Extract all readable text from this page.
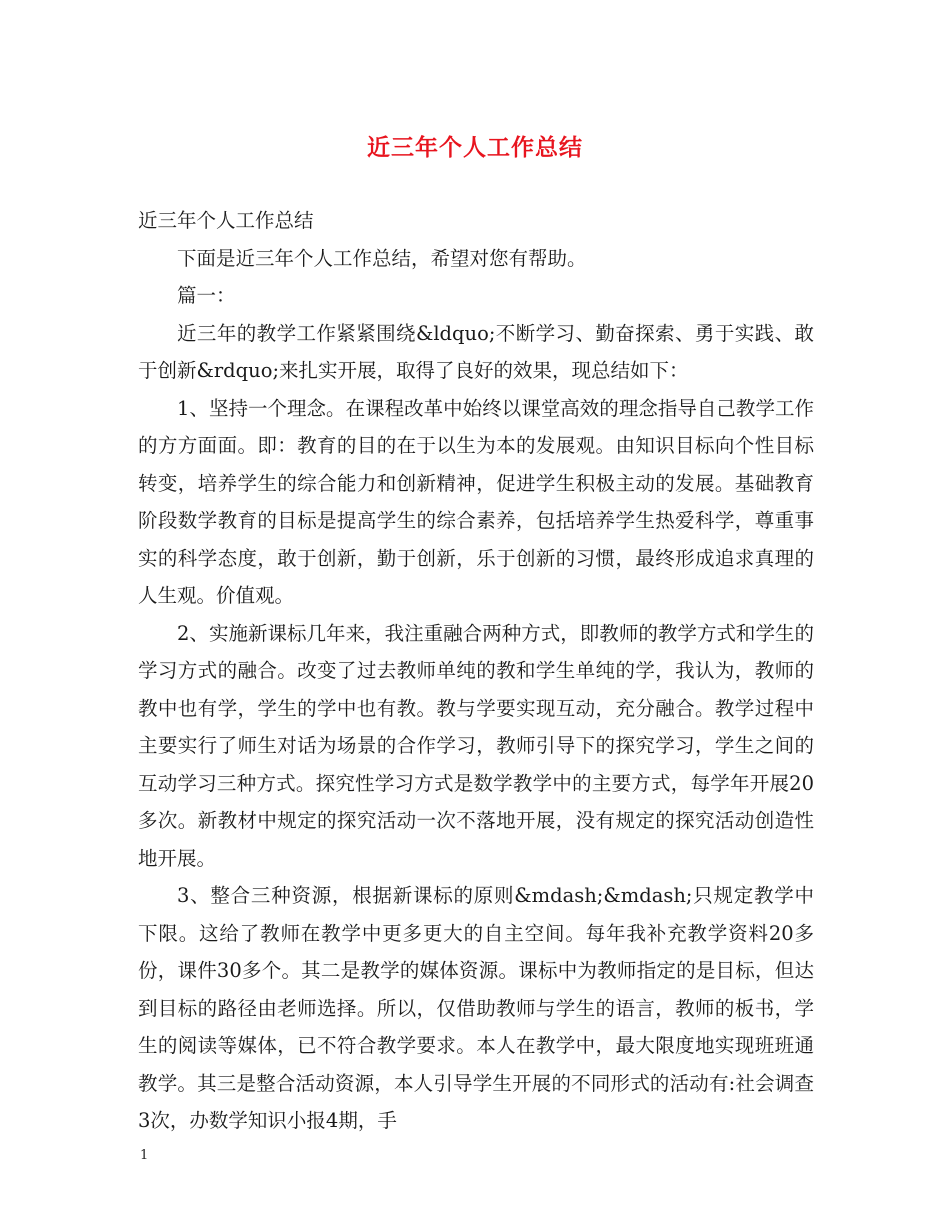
近三年个人工作总结

近三年个人工作总结

下面是近三年个人工作总结，希望对您有帮助。

篇一：

近三年的教学工作紧紧围绕&ldquo;不断学习、勤奋探索、勇于实践、敢于创新&rdquo;来扎实开展，取得了良好的效果，现总结如下：

1、坚持一个理念。在课程改革中始终以课堂高效的理念指导自己教学工作的方方面面。即：教育的目的在于以生为本的发展观。由知识目标向个性目标转变，培养学生的综合能力和创新精神，促进学生积极主动的发展。基础教育阶段数学教育的目标是提高学生的综合素养，包括培养学生热爱科学，尊重事实的科学态度，敢于创新，勤于创新，乐于创新的习惯，最终形成追求真理的人生观。价值观。

2、实施新课标几年来，我注重融合两种方式，即教师的教学方式和学生的学习方式的融合。改变了过去教师单纯的教和学生单纯的学，我认为，教师的教中也有学，学生的学中也有教。教与学要实现互动，充分融合。教学过程中主要实行了师生对话为场景的合作学习，教师引导下的探究学习，学生之间的互动学习三种方式。探究性学习方式是数学教学中的主要方式，每学年开展20多次。新教材中规定的探究活动一次不落地开展，没有规定的探究活动创造性地开展。

3、整合三种资源，根据新课标的原则&mdash;&mdash;只规定教学中下限。这给了教师在教学中更多更大的自主空间。每年我补充教学资料20多份，课件30多个。其二是教学的媒体资源。课标中为教师指定的是目标，但达到目标的路径由老师选择。所以，仅借助教师与学生的语言，教师的板书，学生的阅读等媒体，已不符合教学要求。本人在教学中，最大限度地实现班班通教学。其三是整合活动资源，本人引导学生开展的不同形式的活动有:社会调查3次，办数学知识小报4期，手

1
